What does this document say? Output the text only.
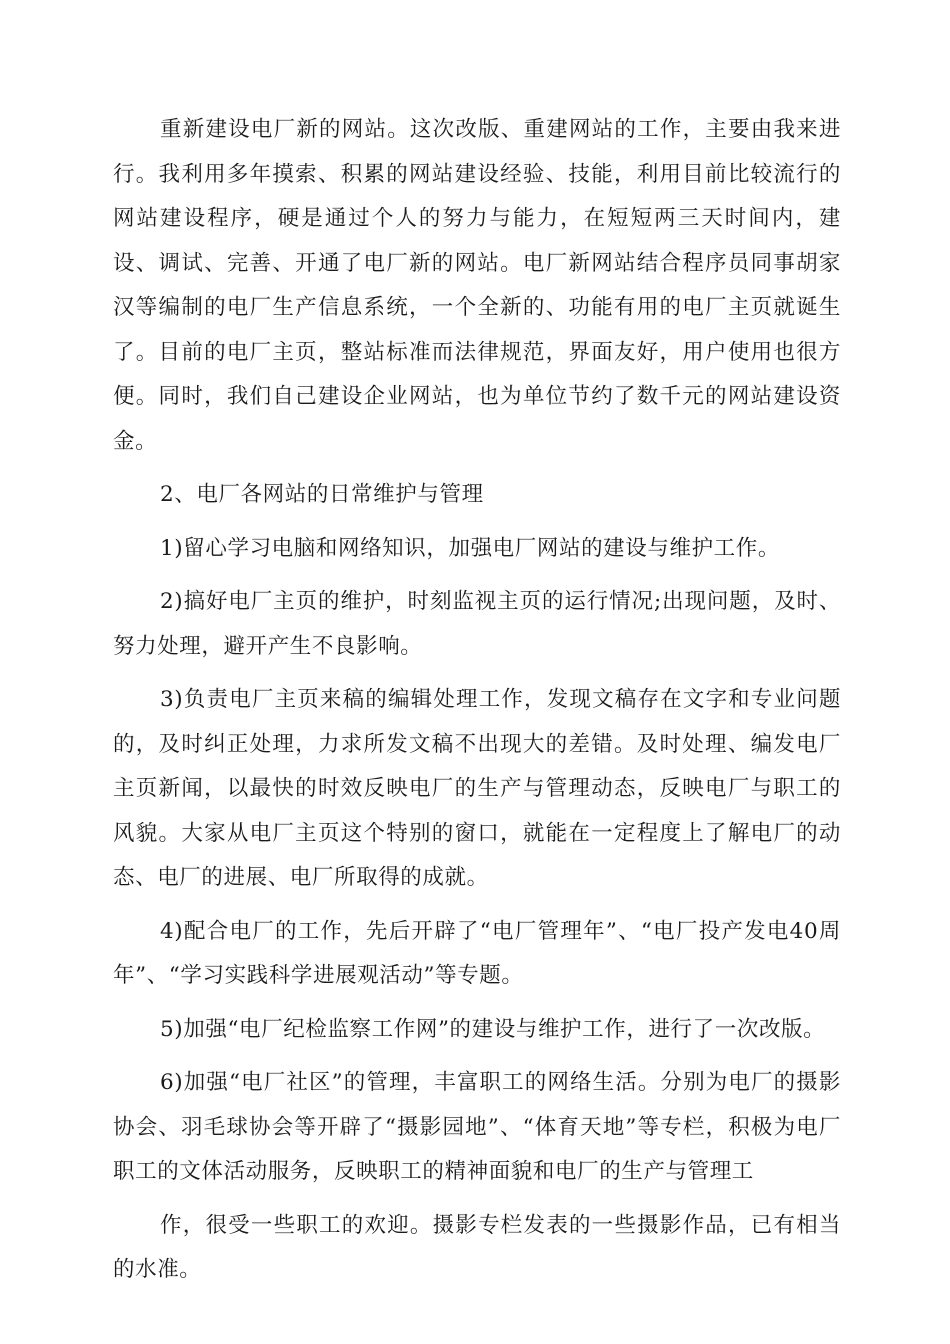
重新建设电厂新的网站。这次改版、重建网站的工作，主要由我来进行。我利用多年摸索、积累的网站建设经验、技能，利用目前比较流行的网站建设程序，硬是通过个人的努力与能力，在短短两三天时间内，建设、调试、完善、开通了电厂新的网站。电厂新网站结合程序员同事胡家汉等编制的电厂生产信息系统，一个全新的、功能有用的电厂主页就诞生了。目前的电厂主页，整站标准而法律规范，界面友好，用户使用也很方便。同时，我们自己建设企业网站，也为单位节约了数千元的网站建设资金。

2、电厂各网站的日常维护与管理

1)留心学习电脑和网络知识，加强电厂网站的建设与维护工作。

2)搞好电厂主页的维护，时刻监视主页的运行情况;出现问题，及时、努力处理，避开产生不良影响。

3)负责电厂主页来稿的编辑处理工作，发现文稿存在文字和专业问题的，及时纠正处理，力求所发文稿不出现大的差错。及时处理、编发电厂主页新闻，以最快的时效反映电厂的生产与管理动态，反映电厂与职工的风貌。大家从电厂主页这个特别的窗口，就能在一定程度上了解电厂的动态、电厂的进展、电厂所取得的成就。

4)配合电厂的工作，先后开辟了“电厂管理年”、“电厂投产发电40周年”、“学习实践科学进展观活动”等专题。

5)加强“电厂纪检监察工作网”的建设与维护工作，进行了一次改版。

6)加强“电厂社区”的管理，丰富职工的网络生活。分别为电厂的摄影协会、羽毛球协会等开辟了“摄影园地”、“体育天地”等专栏，积极为电厂职工的文体活动服务，反映职工的精神面貌和电厂的生产与管理工

作，很受一些职工的欢迎。摄影专栏发表的一些摄影作品，已有相当的水准。
